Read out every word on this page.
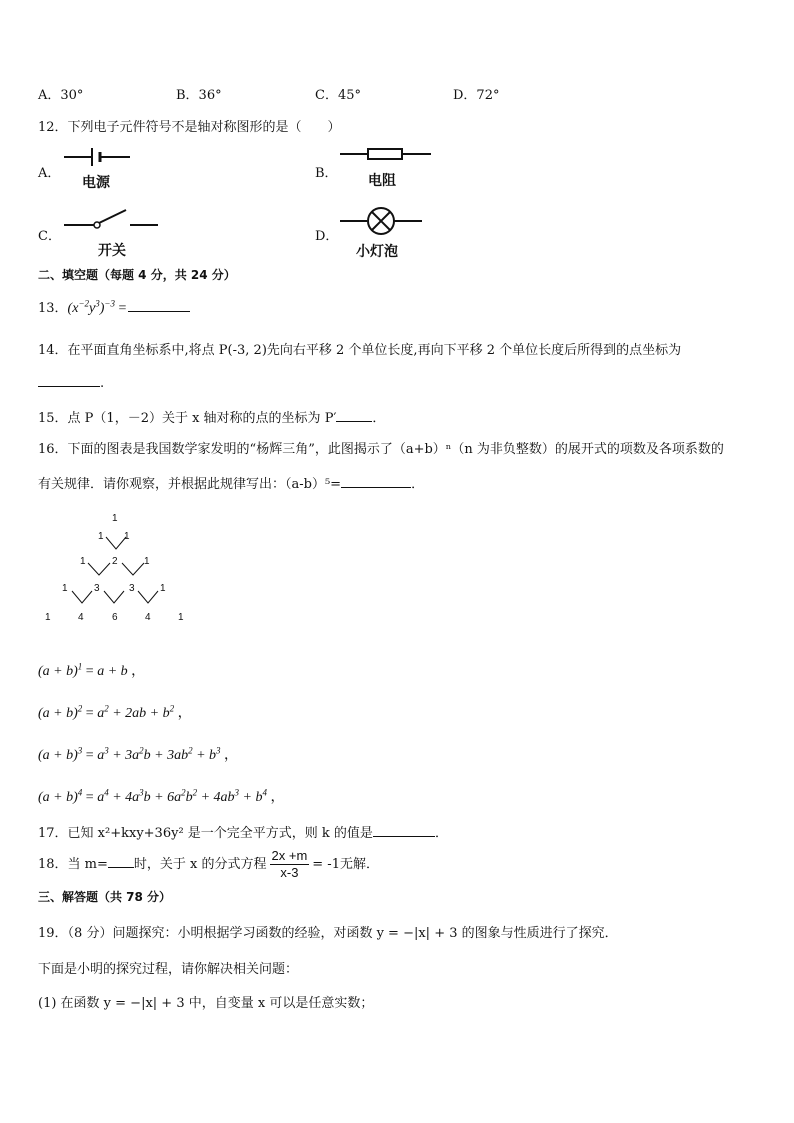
A．30°	B．36°	C．45°	D．72°
12．下列电子元件符号不是轴对称图形的是（　　）
A．
电源
B． 电阻
C．
开关
D．
小灯泡
二、填空题（每题 4 分，共 24 分）
13．$(x^{-2}y^3)^{-3}$ =
14．在平面直角坐标系中,将点 P(-3, 2)先向右平移 2 个单位长度,再向下平移 2 个单位长度后所得到的点坐标为
.
15．点 P（1，－2）关于 x 轴对称的点的坐标为 P′	．
16．下面的图表是我国数学家发明的“杨辉三角”，此图揭示了（a+b）ⁿ（n 为非负整数）的展开式的项数及各项系数的
有关规律．请你观察，并根据此规律写出：（a-b）⁵=	．
1
1 1
1	2	1
1	3	3	1
1	4	6	4	1
$(a + b)^1 = a + b$ ，
$(a + b)^2 = a^2 + 2ab + b^2$ ，
$(a + b)^3 = a^3 + 3a^2b + 3ab^2 + b^3$ ，
$(a + b)^4 = a^4 + 4a^3b + 6a^2b^2 + 4ab^3 + b^4$ ，
17．已知 x²+kxy+36y² 是一个完全平方式，则 k 的值是	．
18．当 m= 时，关于 x 的分式方程 $\frac{2x +m}{x-3} = -1$无解．
三、解答题（共 78 分）
19．（8 分）问题探究：小明根据学习函数的经验，对函数 y = −|x| + 3 的图象与性质进行了探究．
下面是小明的探究过程，请你解决相关问题：
(1) 在函数 y = −|x| + 3 中，自变量 x 可以是任意实数；
